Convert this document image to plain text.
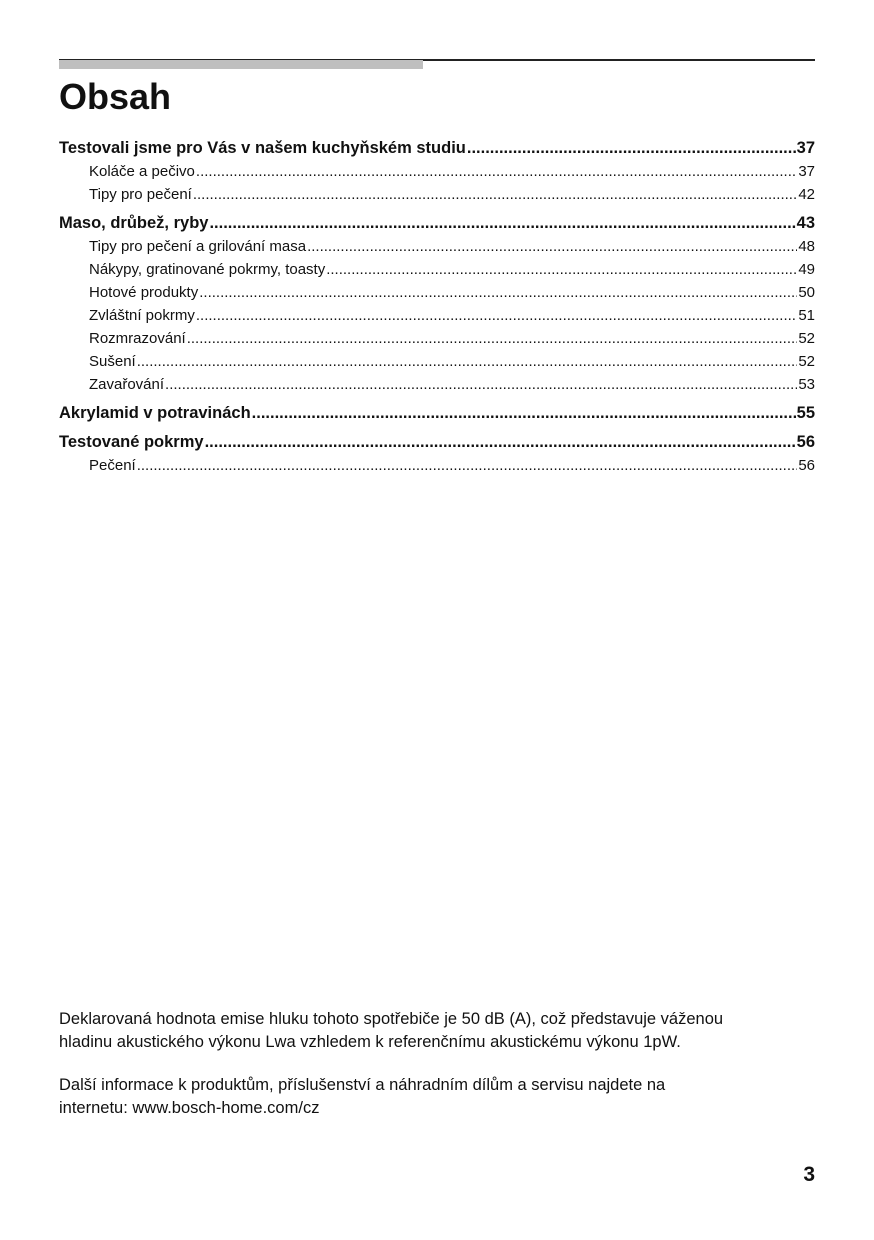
Obsah
Testovali jsme pro Vás v našem kuchyňském studiu .....	37
Koláče a pečivo .....	37
Tipy pro pečení .....	42
Maso, drůbež, ryby .....	43
Tipy pro pečení a grilování masa .....	48
Nákypy, gratinované pokrmy, toasty .....	49
Hotové produkty .....	50
Zvláštní pokrmy .....	51
Rozmrazování .....	52
Sušení .....	52
Zavařování .....	53
Akrylamid v potravinách .....	55
Testované pokrmy .....	56
Pečení .....	56

Deklarovaná hodnota emise hluku tohoto spotřebiče je 50 dB (A), což představuje váženou
hladinu akustického výkonu Lwa vzhledem k referenčnímu akustickému výkonu 1pW.

Další informace k produktům, příslušenství a náhradním dílům a servisu najdete na
internetu: www.bosch-home.com/cz

3
